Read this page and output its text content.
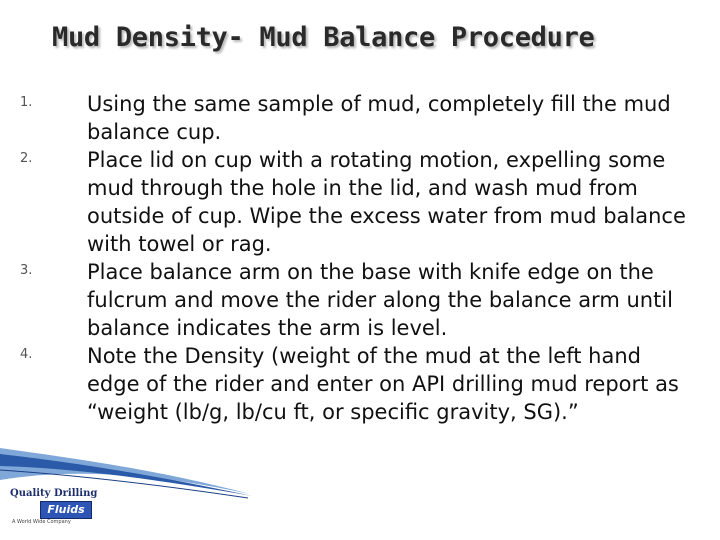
Mud Density- Mud Balance Procedure
1.	Using the same sample of mud, completely fill the mud balance cup.
2.	Place lid on cup with a rotating motion, expelling some mud through the hole in the lid, and wash mud from outside of cup. Wipe the excess water from mud balance with towel or rag.
3.	Place balance arm on the base with knife edge on the fulcrum and move the rider along the balance arm until balance indicates the arm is level.
4.	Note the Density (weight of the mud at the left hand edge of the rider and enter on API drilling mud report as “weight (lb/g, lb/cu ft, or specific gravity, SG).”
Quality Drilling
Fluids
A World Wide Company
